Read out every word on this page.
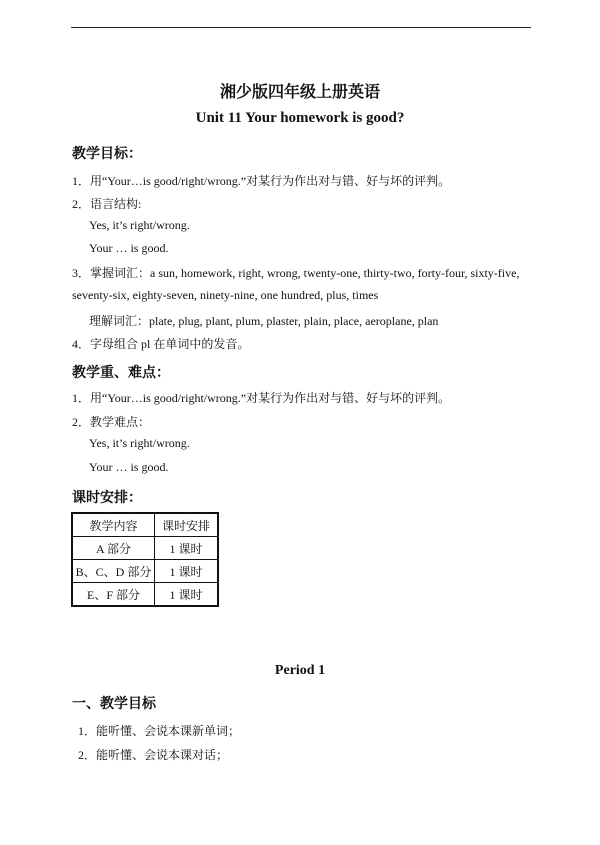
湘少版四年级上册英语
Unit 11 Your homework is good?
教学目标：
1．用“Your…is good/right/wrong.”对某行为作出对与错、好与坏的评判。
2．语言结构:
Yes, it’s right/wrong.
Your … is good.
3．掌握词汇：a sun, homework, right, wrong, twenty-one, thirty-two, forty-four, sixty-five,
seventy-six, eighty-seven, ninety-nine, one hundred, plus, times
理解词汇：plate, plug, plant, plum, plaster, plain, place, aeroplane, plan
4．字母组合 pl 在单词中的发音。
教学重、难点：
1．用“Your…is good/right/wrong.”对某行为作出对与错、好与坏的评判。
2．教学难点：
Yes, it’s right/wrong.
Your … is good.
课时安排：
教学内容	课时安排
A 部分	1 课时
B、C、D 部分	1 课时
E、F 部分	1 课时
Period 1
一、教学目标
1．能听懂、会说本课新单词；
2．能听懂、会说本课对话；
